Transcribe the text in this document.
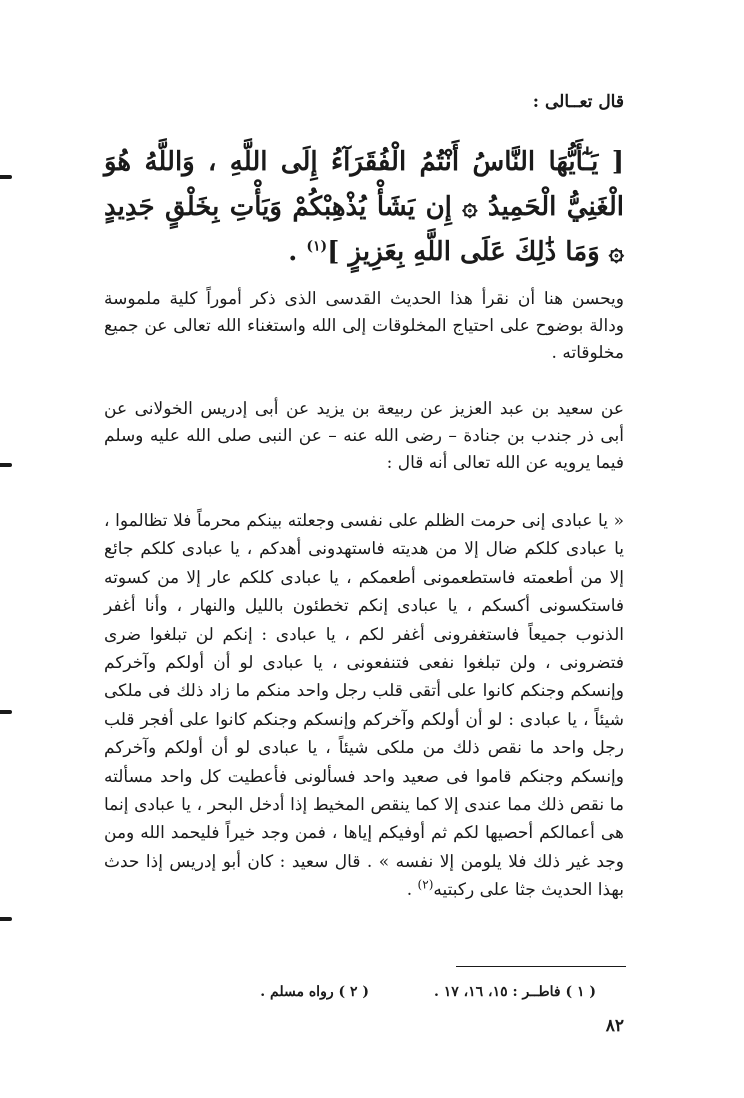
قال تعــالى :
[ يَـٰٓأَيُّهَا النَّاسُ أَنْتُمُ الْفُقَرَآءُ إِلَى اللَّهِ ، وَاللَّهُ هُوَ الْغَنِيُّ الْحَمِيدُ ۞ إِن يَشَأْ يُذْهِبْكُمْ وَيَأْتِ بِخَلْقٍ جَدِيدٍ ۞ وَمَا ذَٰلِكَ عَلَى اللَّهِ بِعَزِيزٍ ]$^{(١)}$ .
ويحسن هنا أن نقرأ هذا الحديث القدسى الذى ذكر أموراً كلية ملموسة ودالة بوضوح على احتياج المخلوقات إلى الله واستغناء الله تعالى عن جميع مخلوقاته .
عن سعيد بن عبد العزيز عن ربيعة بن يزيد عن أبى إدريس الخولانى عن أبى ذر جندب بن جنادة – رضى الله عنه – عن النبى صلى الله عليه وسلم فيما يرويه عن الله تعالى أنه قال :
« يا عبادى إنى حرمت الظلم على نفسى وجعلته بينكم محرماً فلا تظالموا ، يا عبادى كلكم ضال إلا من هديته فاستهدونى أهدكم ، يا عبادى كلكم جائع إلا من أطعمته فاستطعمونى أطعمكم ، يا عبادى كلكم عار إلا من كسوته فاستكسونى أكسكم ، يا عبادى إنكم تخطئون بالليل والنهار ، وأنا أغفر الذنوب جميعاً فاستغفرونى أغفر لكم ، يا عبادى : إنكم لن تبلغوا ضرى فتضرونى ، ولن تبلغوا نفعى فتنفعونى ، يا عبادى لو أن أولكم وآخركم وإنسكم وجنكم كانوا على أتقى قلب رجل واحد منكم ما زاد ذلك فى ملكى شيئاً ، يا عبادى : لو أن أولكم وآخركم وإنسكم وجنكم كانوا على أفجر قلب رجل واحد ما نقص ذلك من ملكى شيئاً ، يا عبادى لو أن أولكم وآخركم وإنسكم وجنكم قاموا فى صعيد واحد فسألونى فأعطيت كل واحد مسألته ما نقص ذلك مما عندى إلا كما ينقص المخيط إذا أدخل البحر ، يا عبادى إنما هى أعمالكم أحصيها لكم ثم أوفيكم إياها ، فمن وجد خيراً فليحمد الله ومن وجد غير ذلك فلا يلومن إلا نفسه » . قال سعيد : كان أبو إدريس إذا حدث بهذا الحديث جثا على ركبتيه$^{(٢)}$ .
( ١ ) فاطــر : ١٥، ١٦، ١٧ .
( ٢ ) رواه مسلم .
٨٢
